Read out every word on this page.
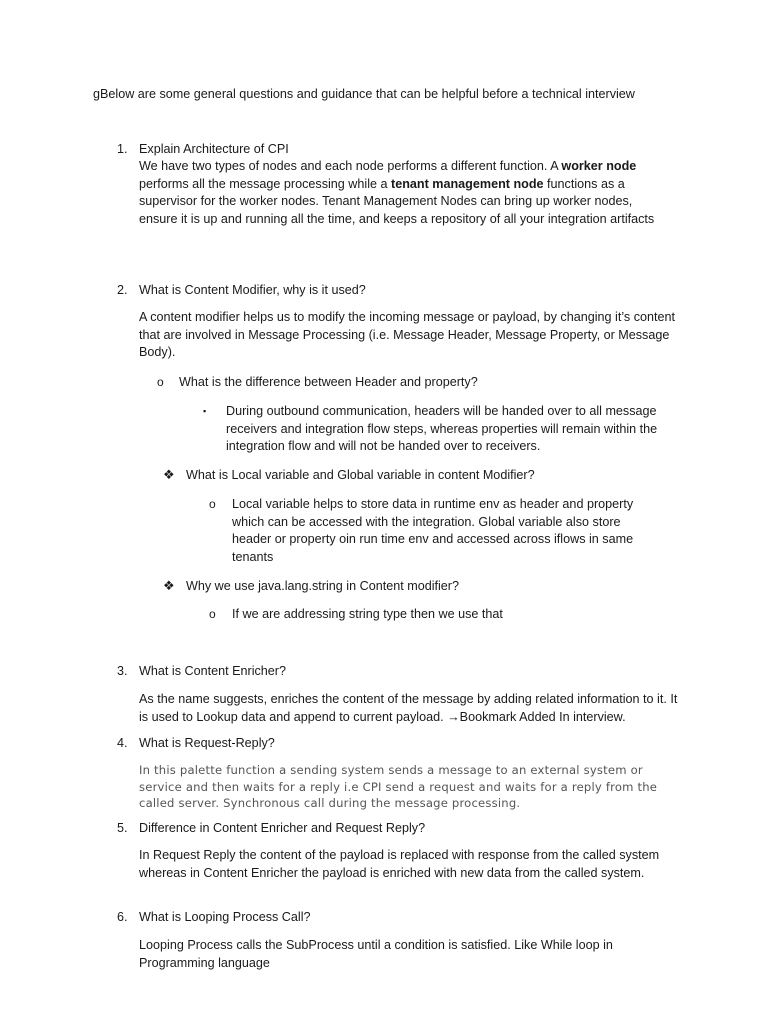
gBelow are some general questions and guidance that can be helpful before a technical interview

1. Explain Architecture of CPI

We have two types of nodes and each node performs a different function. A worker node performs all the message processing while a tenant management node functions as a supervisor for the worker nodes. Tenant Management Nodes can bring up worker nodes, ensure it is up and running all the time, and keeps a repository of all your integration artifacts

2. What is Content Modifier, why is it used?

A content modifier helps us to modify the incoming message or payload, by changing it’s content that are involved in Message Processing (i.e. Message Header, Message Property, or Message Body).

o What is the difference between Header and property?

▪ During outbound communication, headers will be handed over to all message receivers and integration flow steps, whereas properties will remain within the integration flow and will not be handed over to receivers.

❖ What is Local variable and Global variable in content Modifier?

o Local variable helps to store data in runtime env as header and property which can be accessed with the integration. Global variable also store header or property oin run time env and accessed across iflows in same tenants

❖ Why we use java.lang.string in Content modifier?

o If we are addressing string type then we use that

3. What is Content Enricher?

As the name suggests, enriches the content of the message by adding related information to it. It is used to Lookup data and append to current payload. →Bookmark Added In interview.

4. What is Request-Reply?

In this palette function a sending system sends a message to an external system or service and then waits for a reply i.e CPI send a request and waits for a reply from the called server. Synchronous call during the message processing.

5. Difference in Content Enricher and Request Reply?

In Request Reply the content of the payload is replaced with response from the called system whereas in Content Enricher the payload is enriched with new data from the called system.

6. What is Looping Process Call?

Looping Process calls the SubProcess until a condition is satisfied. Like While loop in Programming language
